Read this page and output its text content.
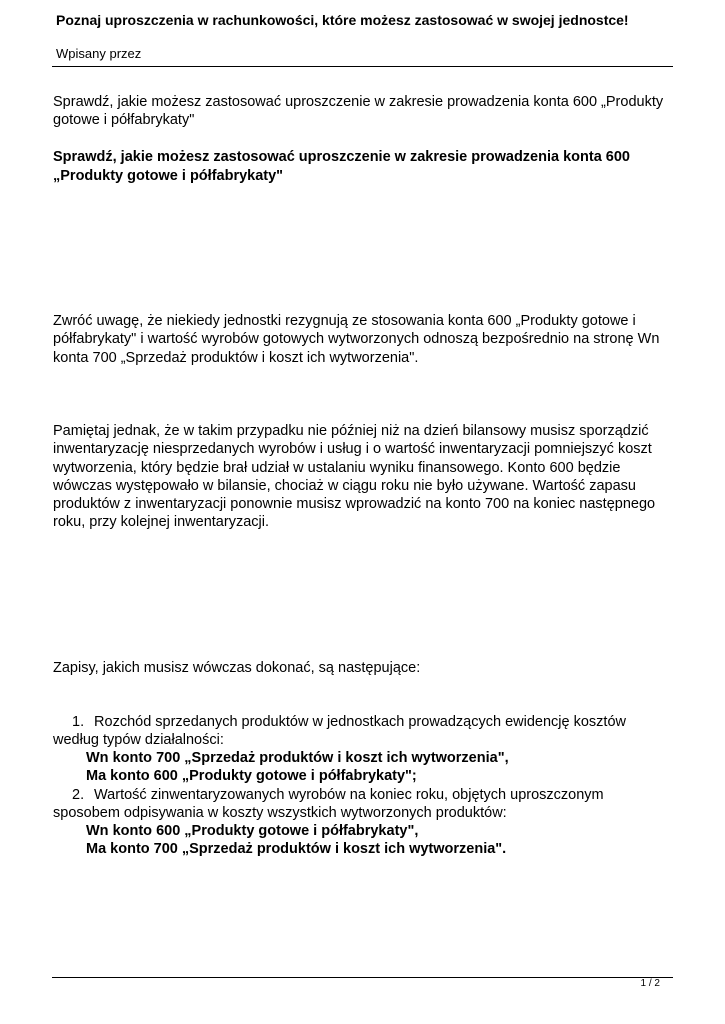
Poznaj uproszczenia w rachunkowości, które możesz zastosować w swojej jednostce!
Wpisany przez

Sprawdź, jakie możesz zastosować uproszczenie w zakresie prowadzenia konta 600 „Produkty gotowe i półfabrykaty"

Sprawdź, jakie możesz zastosować uproszczenie w zakresie prowadzenia konta 600 „Produkty gotowe i półfabrykaty"

Zwróć uwagę, że niekiedy jednostki rezygnują ze stosowania konta 600 „Produkty gotowe i półfabrykaty" i wartość wyrobów gotowych wytworzonych odnoszą bezpośrednio na stronę Wn konta 700 „Sprzedaż produktów i koszt ich wytworzenia".

Pamiętaj jednak, że w takim przypadku nie później niż na dzień bilansowy musisz sporządzić inwentaryzację niesprzedanych wyrobów i usług i o wartość inwentaryzacji pomniejszyć koszt wytworzenia, który będzie brał udział w ustalaniu wyniku finansowego. Konto 600 będzie wówczas występowało w bilansie, chociaż w ciągu roku nie było używane. Wartość zapasu produktów z inwentaryzacji ponownie musisz wprowadzić na konto 700 na koniec następnego roku, przy kolejnej inwentaryzacji.

Zapisy, jakich musisz wówczas dokonać, są następujące:

1. Rozchód sprzedanych produktów w jednostkach prowadzących ewidencję kosztów
według typów działalności:
Wn konto 700 „Sprzedaż produktów i koszt ich wytworzenia",
Ma konto 600 „Produkty gotowe i półfabrykaty";
2. Wartość zinwentaryzowanych wyrobów na koniec roku, objętych uproszczonym
sposobem odpisywania w koszty wszystkich wytworzonych produktów:
Wn konto 600 „Produkty gotowe i półfabrykaty",
Ma konto 700 „Sprzedaż produktów i koszt ich wytworzenia".
1 / 2
